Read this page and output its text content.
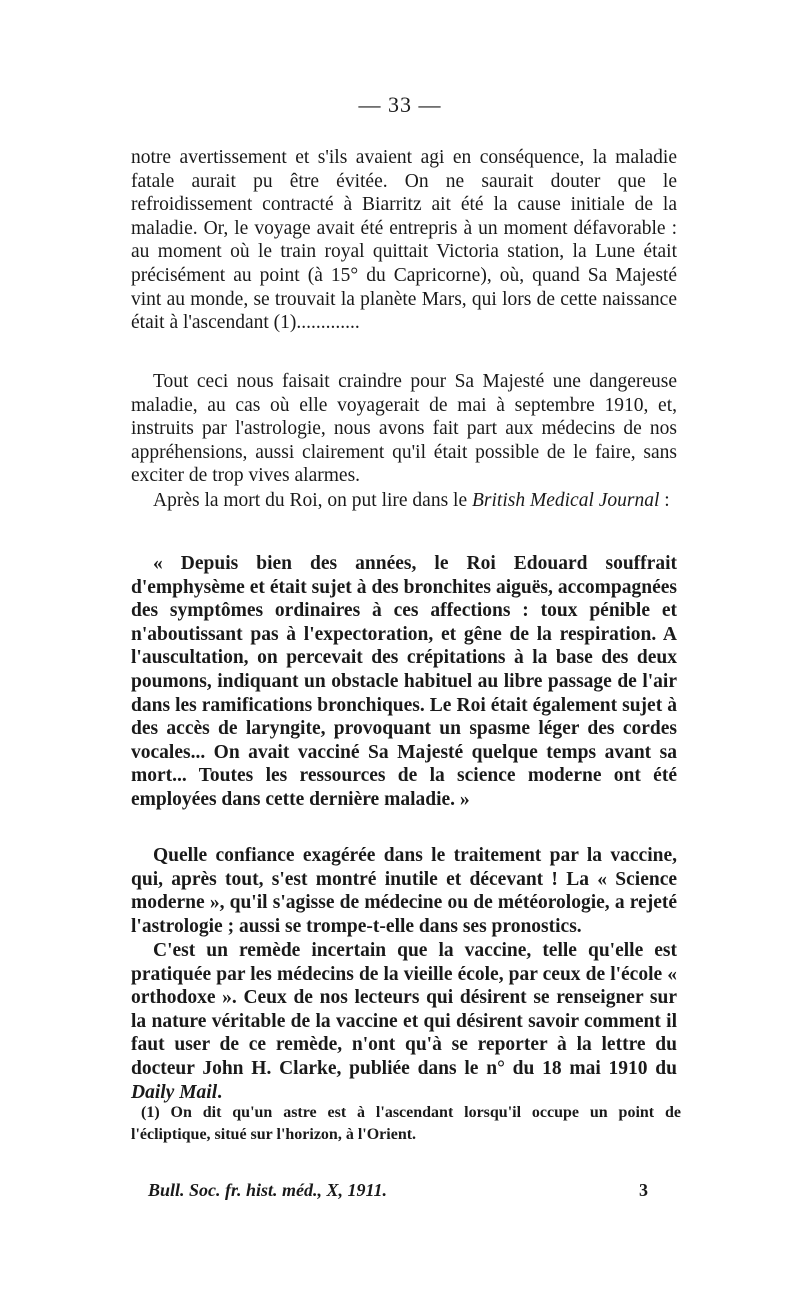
— 33 —

notre avertissement et s'ils avaient agi en conséquence, la maladie fatale aurait pu être évitée. On ne saurait douter que le refroidissement contracté à Biarritz ait été la cause initiale de la maladie. Or, le voyage avait été entrepris à un moment défavorable : au moment où le train royal quittait Victoria station, la Lune était précisément au point (à 15° du Capricorne), où, quand Sa Majesté vint au monde, se trouvait la planète Mars, qui lors de cette naissance était à l'ascendant (1).............

Tout ceci nous faisait craindre pour Sa Majesté une dangereuse maladie, au cas où elle voyagerait de mai à septembre 1910, et, instruits par l'astrologie, nous avons fait part aux médecins de nos appréhensions, aussi clairement qu'il était possible de le faire, sans exciter de trop vives alarmes.

Après la mort du Roi, on put lire dans le British Medical Journal :

« Depuis bien des années, le Roi Edouard souffrait d'emphysème et était sujet à des bronchites aiguës, accompagnées des symptômes ordinaires à ces affections : toux pénible et n'aboutissant pas à l'expectoration, et gêne de la respiration. A l'auscultation, on percevait des crépitations à la base des deux poumons, indiquant un obstacle habituel au libre passage de l'air dans les ramifications bronchiques. Le Roi était également sujet à des accès de laryngite, provoquant un spasme léger des cordes vocales... On avait vacciné Sa Majesté quelque temps avant sa mort... Toutes les ressources de la science moderne ont été employées dans cette dernière maladie. »

Quelle confiance exagérée dans le traitement par la vaccine, qui, après tout, s'est montré inutile et décevant ! La « Science moderne », qu'il s'agisse de médecine ou de météorologie, a rejeté l'astrologie ; aussi se trompe-t-elle dans ses pronostics.

C'est un remède incertain que la vaccine, telle qu'elle est pratiquée par les médecins de la vieille école, par ceux de l'école « orthodoxe ». Ceux de nos lecteurs qui désirent se renseigner sur la nature véritable de la vaccine et qui désirent savoir comment il faut user de ce remède, n'ont qu'à se reporter à la lettre du docteur John H. Clarke, publiée dans le n° du 18 mai 1910 du Daily Mail.

(1) On dit qu'un astre est à l'ascendant lorsqu'il occupe un point de l'écliptique, situé sur l'horizon, à l'Orient.
Bull. Soc. fr. hist. méd., X, 1911.	3
